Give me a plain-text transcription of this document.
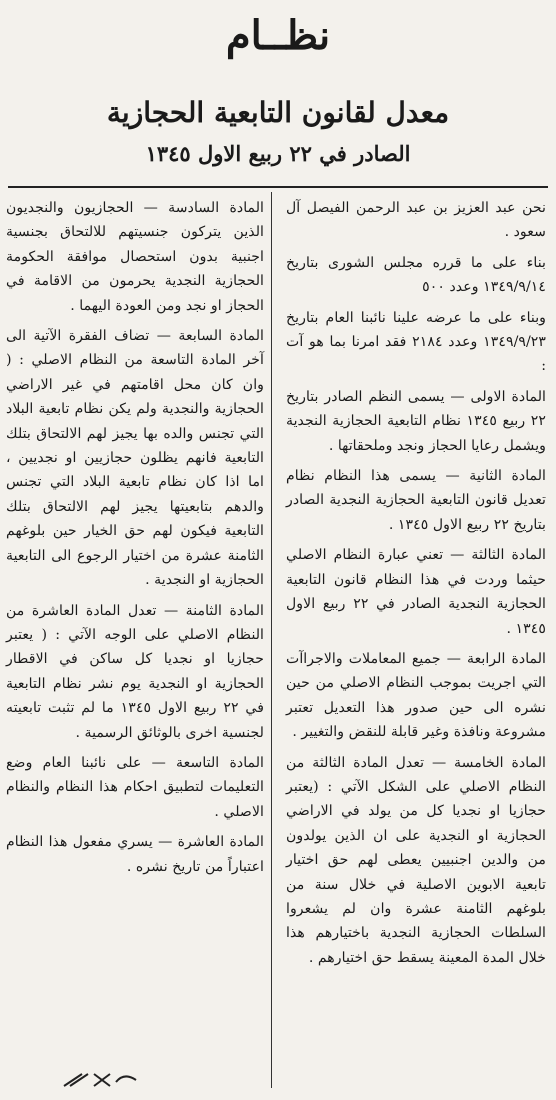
نظــام
معدل لقانون التابعية الحجازية
الصادر في ٢٢ ربيع الاول ١٣٤٥

نحن عبد العزيز بن عبد الرحمن الفيصل آل سعود .

بناء على ما قرره مجلس الشورى بتاريخ ١٣٤٩/٩/١٤ وعدد ٥٠٠

وبناء على ما عرضه علينا نائبنا العام بتاريخ ١٣٤٩/٩/٢٣ وعدد ٢١٨٤ فقد امرنا بما هو آت :

المادة الاولى — يسمى النظم الصادر بتاريخ ٢٢ ربيع ١٣٤٥ نظام التابعية الحجازية النجدية ويشمل رعايا الحجاز ونجد وملحقاتها .

المادة الثانية — يسمى هذا النظام نظام تعديل قانون التابعية الحجازية النجدية الصادر بتاريخ ٢٢ ربيع الاول ١٣٤٥ .

المادة الثالثة — تعني عبارة النظام الاصلي حيثما وردت في هذا النظام قانون التابعية الحجازية النجدية الصادر في ٢٢ ربيع الاول ١٣٤٥ .

المادة الرابعة — جميع المعاملات والاجراآت التي اجريت بموجب النظام الاصلي من حين نشره الى حين صدور هذا التعديل تعتبر مشروعة ونافذة وغير قابلة للنقض والتغيير .

المادة الخامسة — تعدل المادة الثالثة من النظام الاصلي على الشكل الآتي : (يعتبر حجازيا او نجديا كل من يولد في الاراضي الحجازية او النجدية على ان الذين يولدون من والدين اجنبيين يعطى لهم حق اختيار تابعية الابوين الاصلية في خلال سنة من بلوغهم الثامنة عشرة وان لم يشعروا السلطات الحجازية النجدية باختيارهم هذا خلال المدة المعينة يسقط حق اختيارهم .

المادة السادسة — الحجازيون والنجديون الذين يتركون جنسيتهم للالتحاق بجنسية اجنبية بدون استحصال موافقة الحكومة الحجازية النجدية يحرمون من الاقامة في الحجاز او نجد ومن العودة اليهما .

المادة السابعة — تضاف الفقرة الآتية الى آخر المادة التاسعة من النظام الاصلي : ( وان كان محل اقامتهم في غير الاراضي الحجازية والنجدية ولم يكن نظام تابعية البلاد التي تجنس والده بها يجيز لهم الالتحاق بتلك التابعية فانهم يظلون حجازيين او نجديين ، اما اذا كان نظام تابعية البلاد التي تجنس والدهم بتابعيتها يجيز لهم الالتحاق بتلك التابعية فيكون لهم حق الخيار حين بلوغهم الثامنة عشرة من اختيار الرجوع الى التابعية الحجازية او النجدية .

المادة الثامنة — تعدل المادة العاشرة من النظام الاصلي على الوجه الآتي : ( يعتبر حجازيا او نجديا كل ساكن في الاقطار الحجازية او النجدية يوم نشر نظام التابعية في ٢٢ ربيع الاول ١٣٤٥ ما لم تثبت تابعيته لجنسية اخرى بالوثائق الرسمية .

المادة التاسعة — على نائبنا العام وضع التعليمات لتطبيق احكام هذا النظام والنظام الاصلي .

المادة العاشرة — يسري مفعول هذا النظام اعتباراً من تاريخ نشره .
